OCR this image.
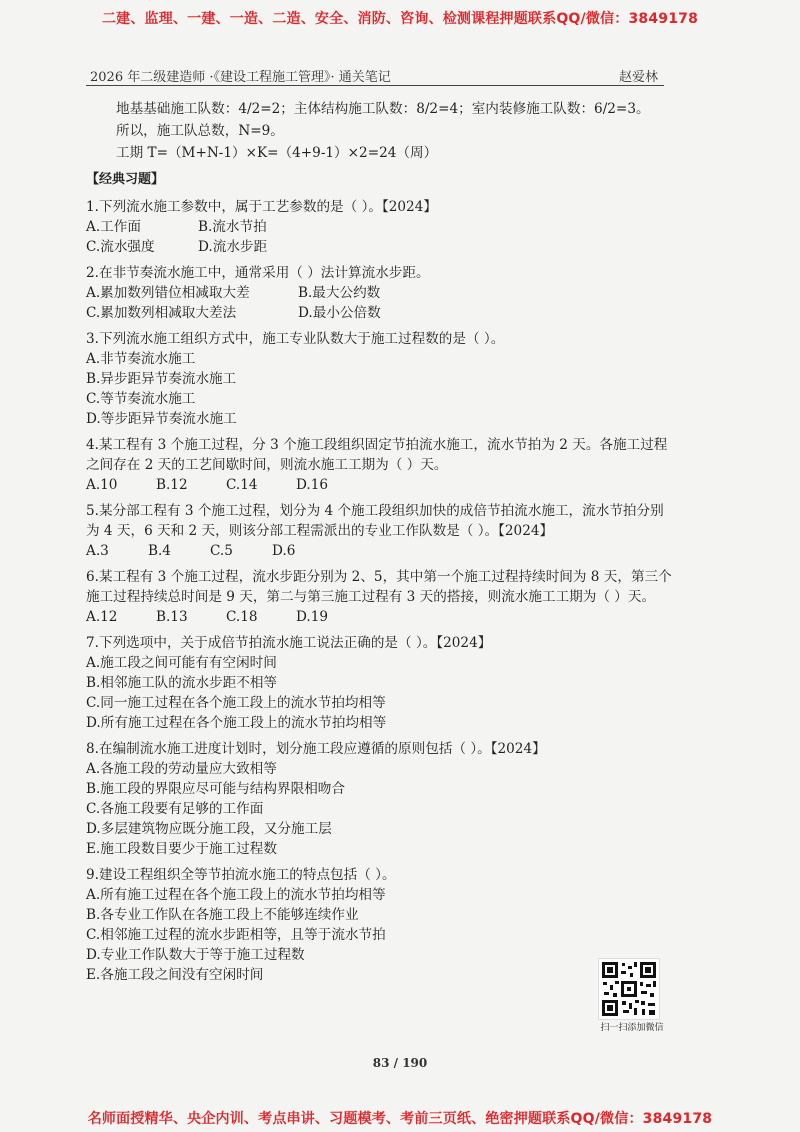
二建、监理、一建、一造、二造、安全、消防、咨询、检测课程押题联系QQ/微信：3849178
2026 年二级建造师 ·《建设工程施工管理》· 通关笔记	赵爱林
地基基础施工队数：4/2=2；主体结构施工队数：8/2=4；室内装修施工队数：6/2=3。
所以，施工队总数，N=9。
工期 T=（M+N-1）×K=（4+9-1）×2=24（周）
【经典习题】
1.下列流水施工参数中，属于工艺参数的是（ ）。【2024】
A.工作面	B.流水节拍
C.流水强度	D.流水步距
2.在非节奏流水施工中，通常采用（ ）法计算流水步距。
A.累加数列错位相减取大差	B.最大公约数
C.累加数列相减取大差法	D.最小公倍数
3.下列流水施工组织方式中，施工专业队数大于施工过程数的是（ ）。
A.非节奏流水施工
B.异步距异节奏流水施工
C.等节奏流水施工
D.等步距异节奏流水施工
4.某工程有 3 个施工过程，分 3 个施工段组织固定节拍流水施工，流水节拍为 2 天。各施工过程之间存在 2 天的工艺间歇时间，则流水施工工期为（ ）天。
A.10	B.12	C.14	D.16
5.某分部工程有 3 个施工过程，划分为 4 个施工段组织加快的成倍节拍流水施工，流水节拍分别为 4 天，6 天和 2 天，则该分部工程需派出的专业工作队数是（ ）。【2024】
A.3	B.4	C.5	D.6
6.某工程有 3 个施工过程，流水步距分别为 2、5，其中第一个施工过程持续时间为 8 天，第三个施工过程持续总时间是 9 天，第二与第三施工过程有 3 天的搭接，则流水施工工期为（ ）天。
A.12	B.13	C.18	D.19
7.下列选项中，关于成倍节拍流水施工说法正确的是（ ）。【2024】
A.施工段之间可能有有空闲时间
B.相邻施工队的流水步距不相等
C.同一施工过程在各个施工段上的流水节拍均相等
D.所有施工过程在各个施工段上的流水节拍均相等
8.在编制流水施工进度计划时，划分施工段应遵循的原则包括（ ）。【2024】
A.各施工段的劳动量应大致相等
B.施工段的界限应尽可能与结构界限相吻合
C.各施工段要有足够的工作面
D.多层建筑物应既分施工段，又分施工层
E.施工段数目要少于施工过程数
9.建设工程组织全等节拍流水施工的特点包括（ ）。
A.所有施工过程在各个施工段上的流水节拍均相等
B.各专业工作队在各施工段上不能够连续作业
C.相邻施工过程的流水步距相等，且等于流水节拍
D.专业工作队数大于等于施工过程数
E.各施工段之间没有空闲时间
扫一扫添加微信
83 / 190
名师面授精华、央企内训、考点串讲、习题模考、考前三页纸、绝密押题联系QQ/微信：3849178
